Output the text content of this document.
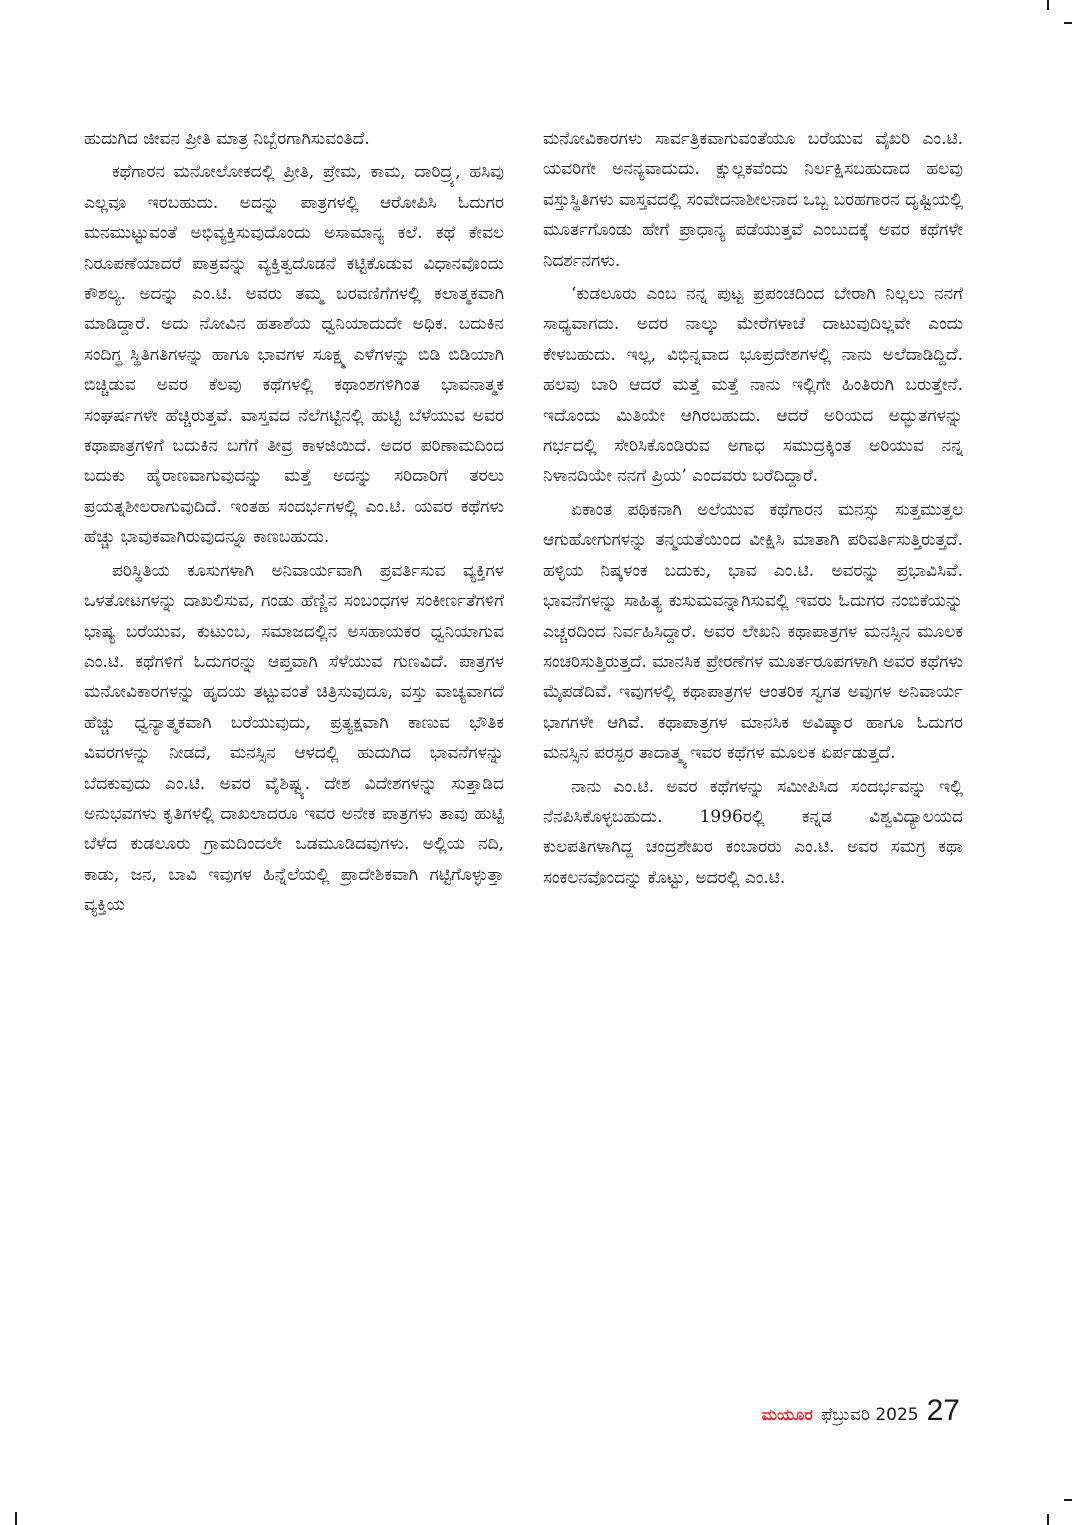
ಹುದುಗಿದ ಜೀವನ ಪ್ರೀತಿ ಮಾತ್ರ ನಿಬ್ಬೆರಗಾಗಿಸುವಂತಿದೆ.

ಕಥೆಗಾರನ ಮನೋಲೋಕದಲ್ಲಿ ಪ್ರೀತಿ, ಪ್ರೇಮ, ಕಾಮ, ದಾರಿದ್ರ್ಯ, ಹಸಿವು ಎಲ್ಲವೂ ಇರಬಹುದು. ಅದನ್ನು ಪಾತ್ರಗಳಲ್ಲಿ ಆರೋಪಿಸಿ ಓದುಗರ ಮನಮುಟ್ಟುವಂತೆ ಅಭಿವ್ಯಕ್ತಿಸುವುದೊಂದು ಅಸಾಮಾನ್ಯ ಕಲೆ. ಕಥೆ ಕೇವಲ ನಿರೂಪಣೆಯಾದರೆ ಪಾತ್ರವನ್ನು ವ್ಯಕ್ತಿತ್ವದೊಡನೆ ಕಟ್ಟಿಕೊಡುವ ವಿಧಾನವೊಂದು ಕೌಶಲ್ಯ. ಅದನ್ನು ಎಂ.ಟಿ. ಅವರು ತಮ್ಮ ಬರವಣಿಗೆಗಳಲ್ಲಿ ಕಲಾತ್ಮಕವಾಗಿ ಮಾಡಿದ್ದಾರೆ. ಅದು ನೋವಿನ ಹತಾಶೆಯ ಧ್ವನಿಯಾದುದೇ ಅಧಿಕ. ಬದುಕಿನ ಸಂದಿಗ್ಧ ಸ್ಥಿತಿಗತಿಗಳನ್ನು ಹಾಗೂ ಭಾವಗಳ ಸೂಕ್ಷ್ಮ ಎಳೆಗಳನ್ನು ಬಿಡಿ ಬಿಡಿಯಾಗಿ ಬಿಚ್ಚಿಡುವ ಅವರ ಕೆಲವು ಕಥೆಗಳಲ್ಲಿ ಕಥಾಂಶಗಳಿಗಿಂತ ಭಾವನಾತ್ಮಕ ಸಂಘರ್ಷಗಳೇ ಹೆಚ್ಚಿರುತ್ತವೆ. ವಾಸ್ತವದ ನೆಲೆಗಟ್ಟಿನಲ್ಲಿ ಹುಟ್ಟಿ ಬೆಳೆಯುವ ಅವರ ಕಥಾಪಾತ್ರಗಳಿಗೆ ಬದುಕಿನ ಬಗೆಗೆ ತೀವ್ರ ಕಾಳಜಿಯಿದೆ. ಅದರ ಪರಿಣಾಮದಿಂದ ಬದುಕು ಹೈರಾಣವಾಗುವುದನ್ನು ಮತ್ತೆ ಅದನ್ನು ಸರಿದಾರಿಗೆ ತರಲು ಪ್ರಯತ್ನಶೀಲರಾಗುವುದಿದೆ. ಇಂತಹ ಸಂದರ್ಭಗಳಲ್ಲಿ ಎಂ.ಟಿ. ಯವರ ಕಥೆಗಳು ಹೆಚ್ಚು ಭಾವುಕವಾಗಿರುವುದನ್ನೂ ಕಾಣಬಹುದು.

ಪರಿಸ್ಥಿತಿಯ ಕೂಸುಗಳಾಗಿ ಅನಿವಾರ್ಯವಾಗಿ ಪ್ರವರ್ತಿಸುವ ವ್ಯಕ್ತಿಗಳ ಒಳತೋಟಗಳನ್ನು ದಾಖಲಿಸುವ, ಗಂಡು ಹೆಣ್ಣಿನ ಸಂಬಂಧಗಳ ಸಂಕೀರ್ಣತೆಗಳಿಗೆ ಭಾಷ್ಯ ಬರೆಯುವ, ಕುಟುಂಬ, ಸಮಾಜದಲ್ಲಿನ ಅಸಹಾಯಕರ ಧ್ವನಿಯಾಗುವ ಎಂ.ಟಿ. ಕಥೆಗಳಿಗೆ ಓದುಗರನ್ನು ಆಪ್ತವಾಗಿ ಸೆಳೆಯುವ ಗುಣವಿದೆ. ಪಾತ್ರಗಳ ಮನೋವಿಕಾರಗಳನ್ನು ಹೃದಯ ತಟ್ಟುವಂತೆ ಚಿತ್ರಿಸುವುದೂ, ವಸ್ತು ವಾಚ್ಯವಾಗದೆ ಹೆಚ್ಚು ಧ್ವನ್ಯಾತ್ಮಕವಾಗಿ ಬರೆಯುವುದು, ಪ್ರತ್ಯಕ್ಷವಾಗಿ ಕಾಣುವ ಭೌತಿಕ ವಿವರಗಳನ್ನು ನೀಡದೆ, ಮನಸ್ಸಿನ ಆಳದಲ್ಲಿ ಹುದುಗಿದ ಭಾವನೆಗಳನ್ನು ಬೆದಕುವುದು ಎಂ.ಟಿ. ಅವರ ವೈಶಿಷ್ಟ್ಯ. ದೇಶ ವಿದೇಶಗಳನ್ನು ಸುತ್ತಾಡಿದ ಅನುಭವಗಳು ಕೃತಿಗಳಲ್ಲಿ ದಾಖಲಾದರೂ ಇವರ ಅನೇಕ ಪಾತ್ರಗಳು ತಾವು ಹುಟ್ಟಿ ಬೆಳೆದ ಕುಡಲೂರು ಗ್ರಾಮದಿಂದಲೇ ಒಡಮೂಡಿದವುಗಳು. ಅಲ್ಲಿಯ ನದಿ, ಕಾಡು, ಜನ, ಬಾವಿ ಇವುಗಳ ಹಿನ್ನೆಲೆಯಲ್ಲಿ ಪ್ರಾದೇಶಿಕವಾಗಿ ಗಟ್ಟಿಗೊಳ್ಳುತ್ತಾ ವ್ಯಕ್ತಿಯ

ಮನೋವಿಕಾರಗಳು ಸಾರ್ವತ್ರಿಕವಾಗುವಂತೆಯೂ ಬರೆಯುವ ವೈಖರಿ ಎಂ.ಟಿ. ಯವರಿಗೇ ಅನನ್ಯವಾದುದು. ಕ್ಷುಲ್ಲಕವೆಂದು ನಿರ್ಲಕ್ಷಿಸಬಹುದಾದ ಹಲವು ವಸ್ತುಸ್ಥಿತಿಗಳು ವಾಸ್ತವದಲ್ಲಿ ಸಂವೇದನಾಶೀಲನಾದ ಒಬ್ಬ ಬರಹಗಾರನ ದೃಷ್ಟಿಯಲ್ಲಿ ಮೂರ್ತಗೊಂಡು ಹೇಗೆ ಪ್ರಾಧಾನ್ಯ ಪಡೆಯುತ್ತವೆ ಎಂಬುದಕ್ಕೆ ಅವರ ಕಥೆಗಳೇ ನಿದರ್ಶನಗಳು.

‘ಕುಡಲೂರು ಎಂಬ ನನ್ನ ಪುಟ್ಟ ಪ್ರಪಂಚದಿಂದ ಬೇರಾಗಿ ನಿಲ್ಲಲು ನನಗೆ ಸಾಧ್ಯವಾಗದು. ಅದರ ನಾಲ್ಕು ಮೇರೆಗಳಾಚೆ ದಾಟುವುದಿಲ್ಲವೇ ಎಂದು ಕೇಳಬಹುದು. ಇಲ್ಲ, ವಿಭಿನ್ನವಾದ ಭೂಪ್ರದೇಶಗಳಲ್ಲಿ ನಾನು ಅಲೆದಾಡಿದ್ದಿದೆ. ಹಲವು ಬಾರಿ ಆದರೆ ಮತ್ತೆ ಮತ್ತೆ ನಾನು ಇಲ್ಲಿಗೇ ಹಿಂತಿರುಗಿ ಬರುತ್ತೇನೆ. ಇದೊಂದು ಮಿತಿಯೇ ಆಗಿರಬಹುದು. ಆದರೆ ಅರಿಯದ ಅದ್ಭುತಗಳನ್ನು ಗರ್ಭದಲ್ಲಿ ಸೇರಿಸಿಕೊಂಡಿರುವ ಅಗಾಧ ಸಮುದ್ರಕ್ಕಿಂತ ಅರಿಯುವ ನನ್ನ ನಿಳಾನದಿಯೇ ನನಗೆ ಪ್ರಿಯ’ ಎಂದವರು ಬರೆದಿದ್ದಾರೆ.

ಏಕಾಂತ ಪಥಿಕನಾಗಿ ಅಲೆಯುವ ಕಥೆಗಾರನ ಮನಸ್ಸು ಸುತ್ತಮುತ್ತಲ ಆಗುಹೋಗುಗಳನ್ನು ತನ್ಮಯತೆಯಿಂದ ವೀಕ್ಷಿಸಿ ಮಾತಾಗಿ ಪರಿವರ್ತಿಸುತ್ತಿರುತ್ತದೆ. ಹಳ್ಳಿಯ ನಿಷ್ಕಳಂಕ ಬದುಕು, ಭಾವ ಎಂ.ಟಿ. ಅವರನ್ನು ಪ್ರಭಾವಿಸಿವೆ. ಭಾವನೆಗಳನ್ನು ಸಾಹಿತ್ಯ ಕುಸುಮವನ್ನಾಗಿಸುವಲ್ಲಿ ಇವರು ಓದುಗರ ನಂಬಿಕೆಯನ್ನು ಎಚ್ಚರದಿಂದ ನಿರ್ವಹಿಸಿದ್ದಾರೆ. ಅವರ ಲೇಖನಿ ಕಥಾಪಾತ್ರಗಳ ಮನಸ್ಸಿನ ಮೂಲಕ ಸಂಚರಿಸುತ್ತಿರುತ್ತದೆ. ಮಾನಸಿಕ ಪ್ರೇರಣೆಗಳ ಮೂರ್ತರೂಪಗಳಾಗಿ ಅವರ ಕಥೆಗಳು ಮೈಪಡೆದಿವೆ. ಇವುಗಳಲ್ಲಿ ಕಥಾಪಾತ್ರಗಳ ಆಂತರಿಕ ಸ್ವಗತ ಅವುಗಳ ಅನಿವಾರ್ಯ ಭಾಗಗಳೇ ಆಗಿವೆ. ಕಥಾಪಾತ್ರಗಳ ಮಾನಸಿಕ ಅವಿಷ್ಕಾರ ಹಾಗೂ ಓದುಗರ ಮನಸ್ಸಿನ ಪರಸ್ಪರ ತಾದಾತ್ಮ್ಯ ಇವರ ಕಥೆಗಳ ಮೂಲಕ ಏರ್ಪಡುತ್ತದೆ.

ನಾನು ಎಂ.ಟಿ. ಅವರ ಕಥೆಗಳನ್ನು ಸಮೀಪಿಸಿದ ಸಂದರ್ಭವನ್ನು ಇಲ್ಲಿ ನೆನಪಿಸಿಕೊಳ್ಳಬಹುದು. 1996ರಲ್ಲಿ ಕನ್ನಡ ವಿಶ್ವವಿದ್ಯಾಲಯದ ಕುಲಪತಿಗಳಾಗಿದ್ದ ಚಂದ್ರಶೇಖರ ಕಂಬಾರರು ಎಂ.ಟಿ. ಅವರ ಸಮಗ್ರ ಕಥಾ ಸಂಕಲನವೊಂದನ್ನು ಕೊಟ್ಟು, ಅದರಲ್ಲಿ ಎಂ.ಟಿ.

ಮಯೂರ ಫೆಬ್ರುವರಿ 2025 27
